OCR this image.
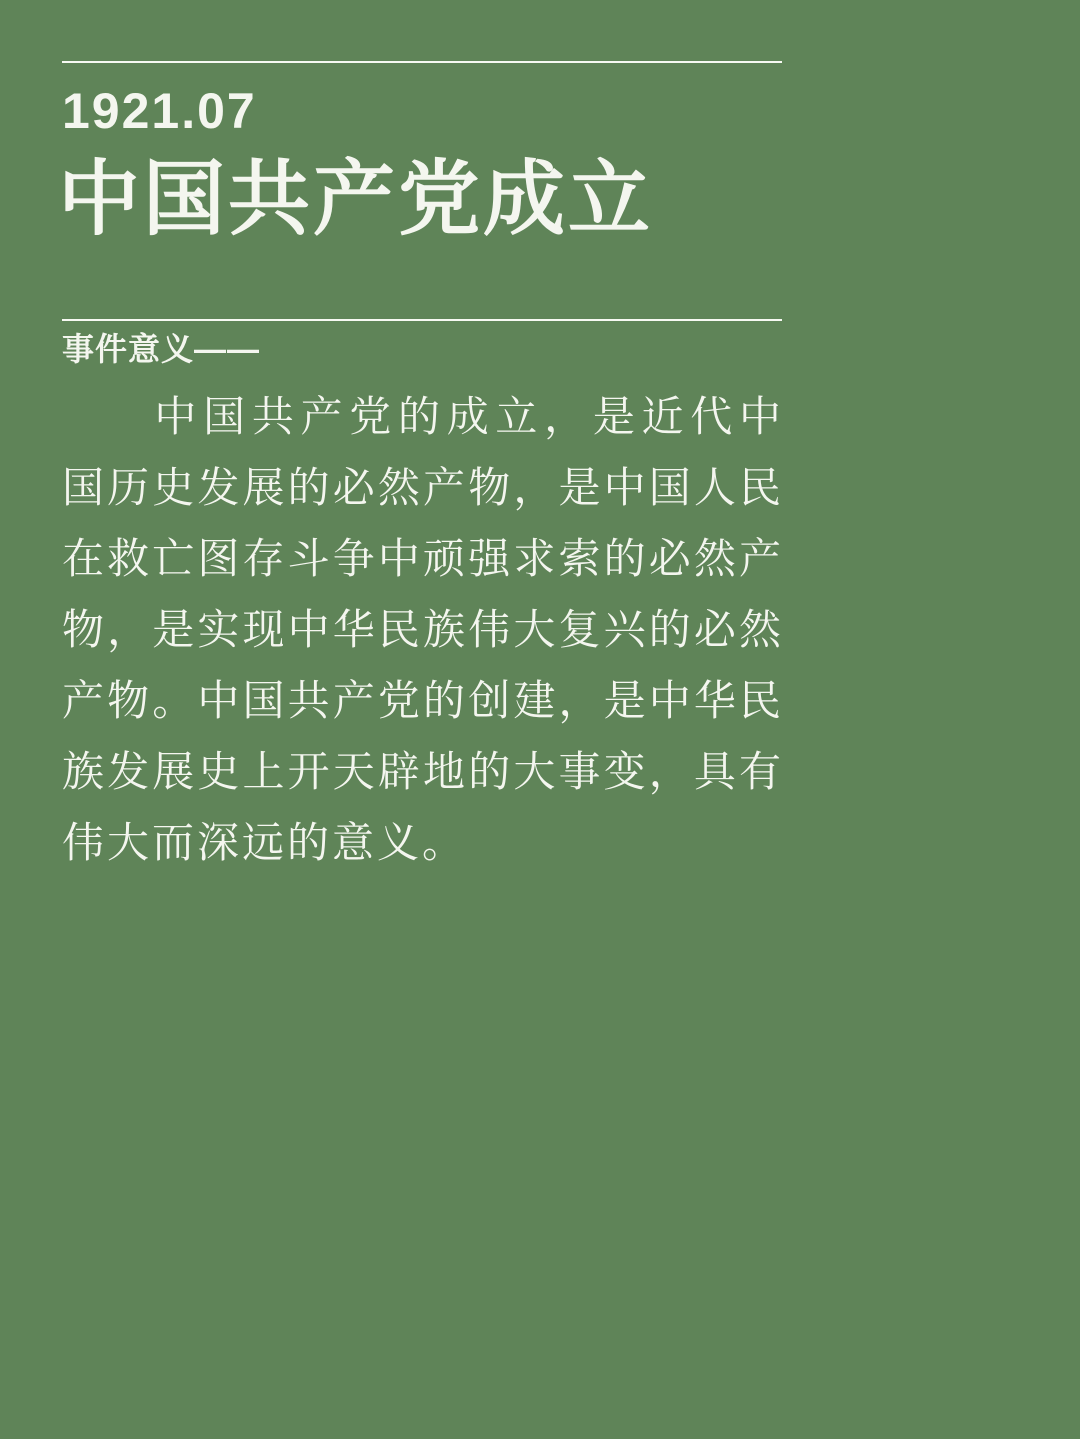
1921.07
中国共产党成立
事件意义——

中国共产党的成立，是近代中国历史发展的必然产物，是中国人民在救亡图存斗争中顽强求索的必然产物，是实现中华民族伟大复兴的必然产物。中国共产党的创建，是中华民族发展史上开天辟地的大事变，具有伟大而深远的意义。
